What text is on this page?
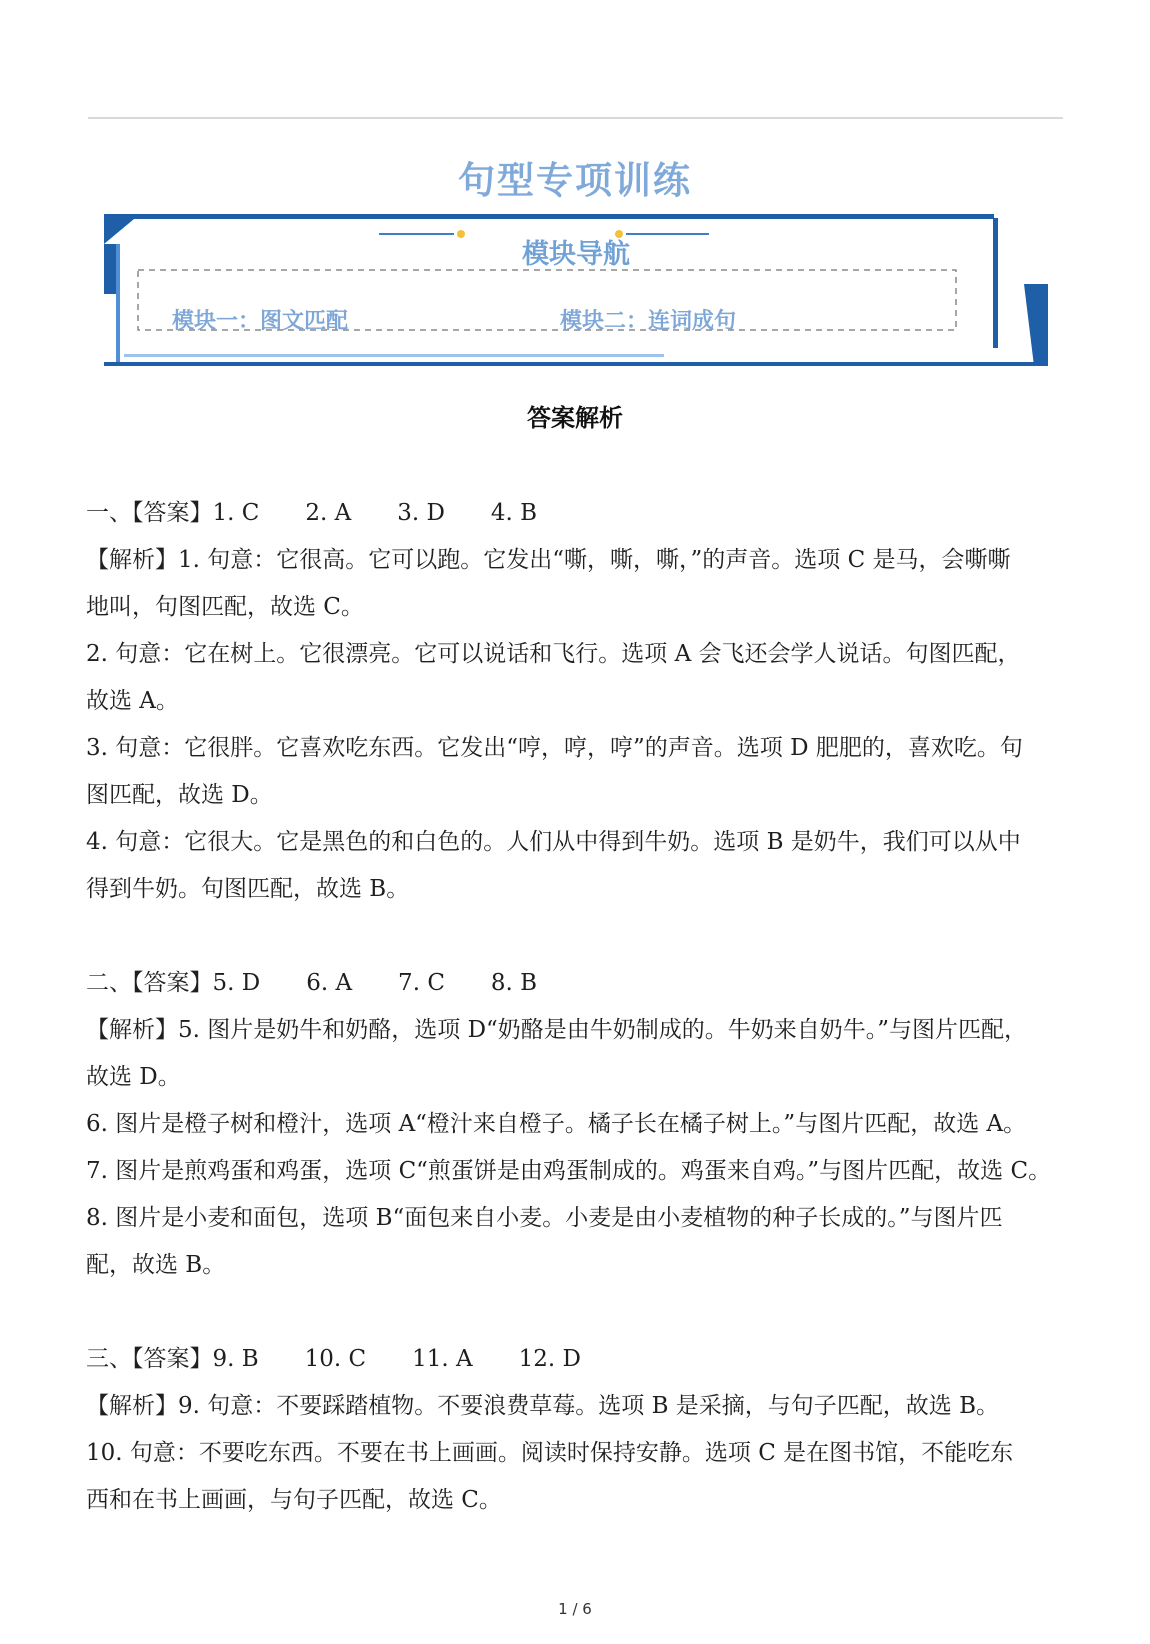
句型专项训练
模块导航
模块一：图文匹配	模块二：连词成句
答案解析

一、【答案】1. C　　2. A　　3. D　　4. B

【解析】1. 句意：它很高。它可以跑。它发出“嘶，嘶，嘶，”的声音。选项 C 是马，会嘶嘶

地叫，句图匹配，故选 C。

2. 句意：它在树上。它很漂亮。它可以说话和飞行。选项 A 会飞还会学人说话。句图匹配，

故选 A。

3. 句意：它很胖。它喜欢吃东西。它发出“哼，哼，哼”的声音。选项 D 肥肥的，喜欢吃。句

图匹配，故选 D。

4. 句意：它很大。它是黑色的和白色的。人们从中得到牛奶。选项 B 是奶牛，我们可以从中

得到牛奶。句图匹配，故选 B。

二、【答案】5. D　　6. A　　7. C　　8. B

【解析】5. 图片是奶牛和奶酪，选项 D“奶酪是由牛奶制成的。牛奶来自奶牛。”与图片匹配，

故选 D。

6. 图片是橙子树和橙汁，选项 A“橙汁来自橙子。橘子长在橘子树上。”与图片匹配，故选 A。

7. 图片是煎鸡蛋和鸡蛋，选项 C“煎蛋饼是由鸡蛋制成的。鸡蛋来自鸡。”与图片匹配，故选 C。

8. 图片是小麦和面包，选项 B“面包来自小麦。小麦是由小麦植物的种子长成的。”与图片匹

配，故选 B。

三、【答案】9. B　　10. C　　11. A　　12. D

【解析】9. 句意：不要踩踏植物。不要浪费草莓。选项 B 是采摘，与句子匹配，故选 B。

10. 句意：不要吃东西。不要在书上画画。阅读时保持安静。选项 C 是在图书馆，不能吃东

西和在书上画画，与句子匹配，故选 C。

1 / 6
